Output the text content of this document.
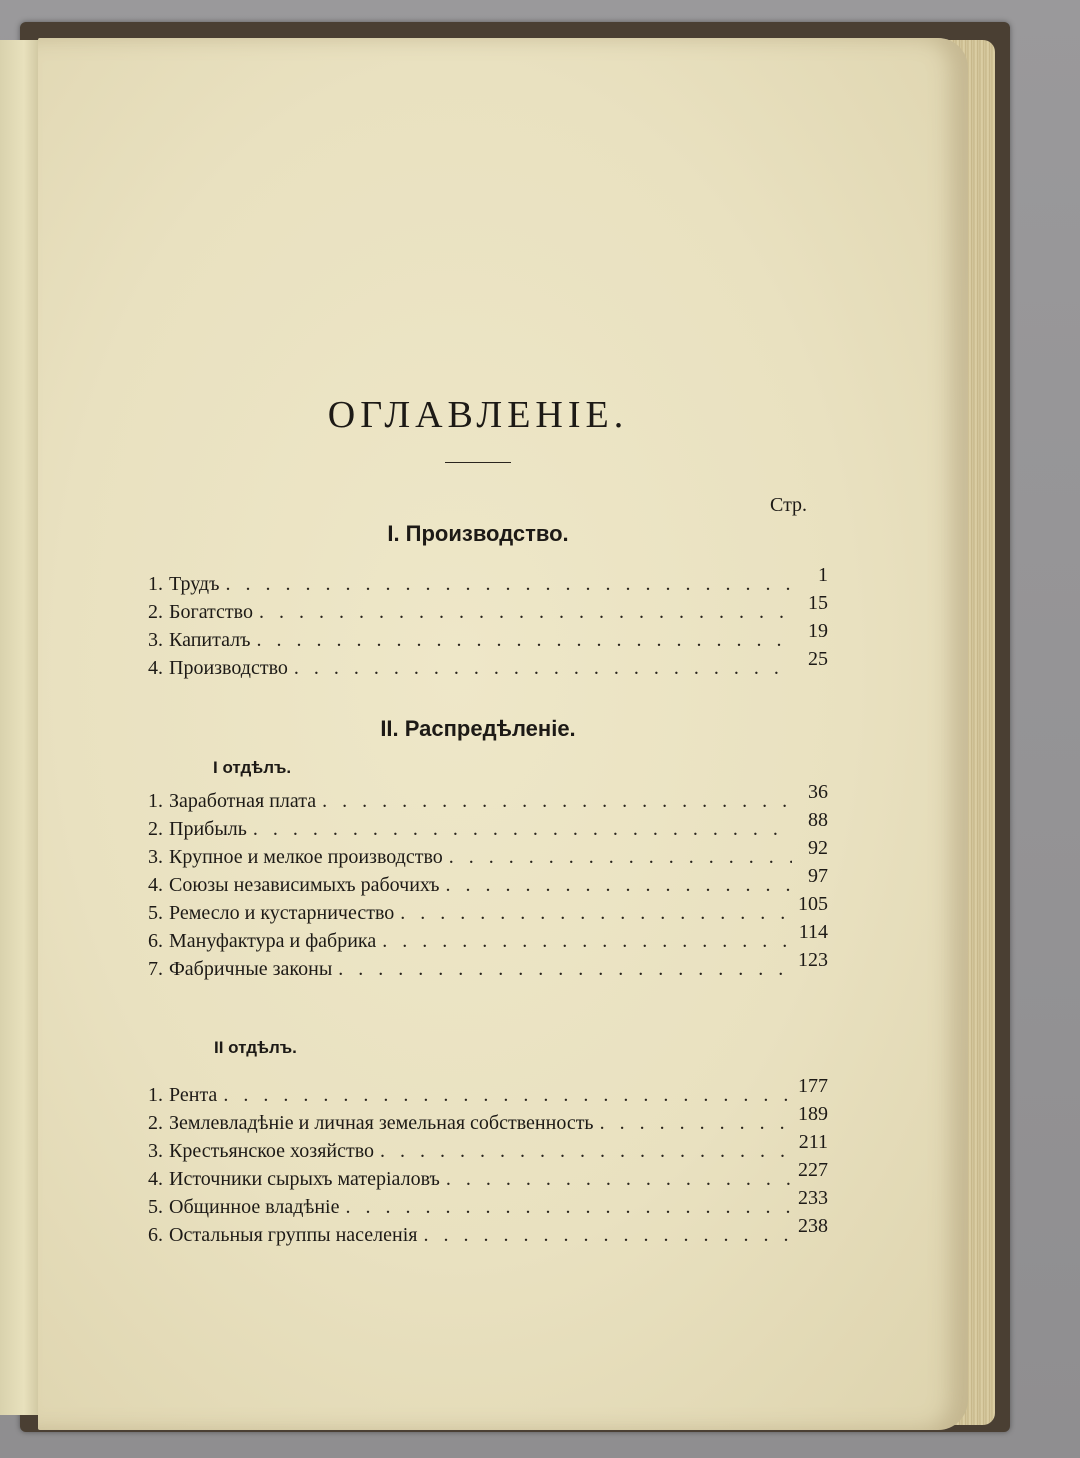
ОГЛАВЛЕНІЕ.
Стр.
I. Производство.
1. Трудъ . . .	1
2. Богатство . . .	15
3. Капиталъ . . .	19
4. Производство . . .	25
II. Распредѣленіе.
I отдѣлъ.
1. Заработная плата . . .	36
2. Прибыль . . .	88
3. Крупное и мелкое производство . . .	92
4. Союзы независимыхъ рабочихъ . . .	97
5. Ремесло и кустарничество . . .	105
6. Мануфактура и фабрика . . .	114
7. Фабричные законы . . .	123
II отдѣлъ.
1. Рента . . .	177
2. Землевладѣніе и личная земельная собственность . . .	189
3. Крестьянское хозяйство . . .	211
4. Источники сырыхъ матеріаловъ . . .	227
5. Общинное владѣніе . . .	233
6. Остальныя группы населенія . . .	238
